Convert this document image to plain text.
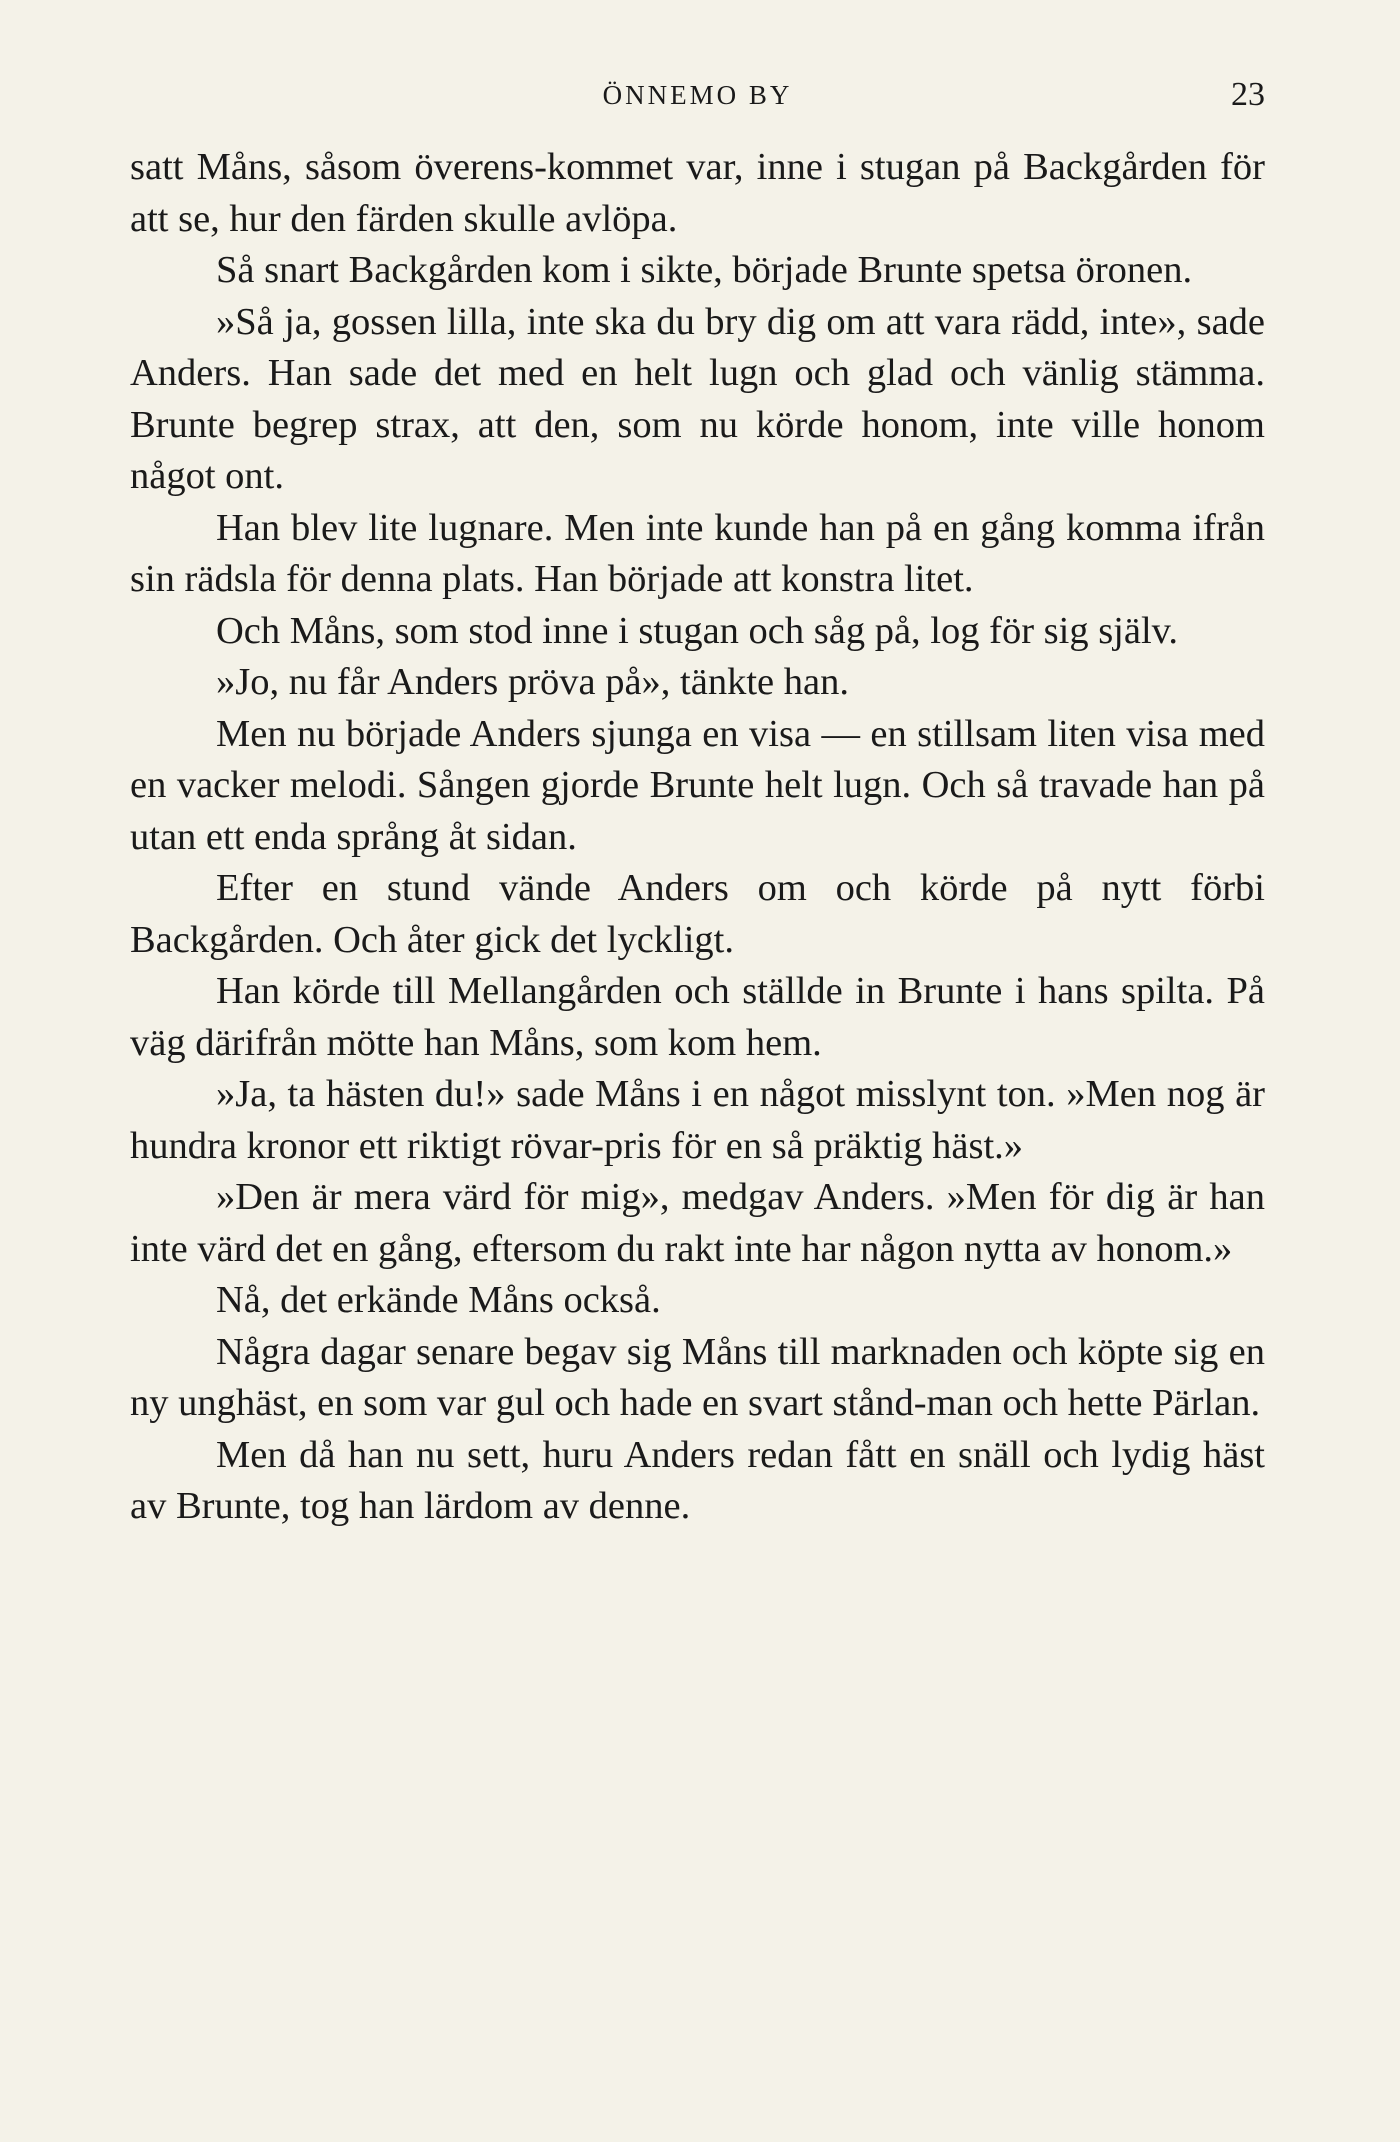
ÖNNEMO BY	23

satt Måns, såsom överens-kommet var, inne i stugan på Backgården för att se, hur den färden skulle avlöpa.

Så snart Backgården kom i sikte, började Brunte spetsa öronen.

»Så ja, gossen lilla, inte ska du bry dig om att vara rädd, inte», sade Anders. Han sade det med en helt lugn och glad och vänlig stämma. Brunte begrep strax, att den, som nu körde honom, inte ville honom något ont.

Han blev lite lugnare. Men inte kunde han på en gång komma ifrån sin rädsla för denna plats. Han började att konstra litet.

Och Måns, som stod inne i stugan och såg på, log för sig själv.

»Jo, nu får Anders pröva på», tänkte han.

Men nu började Anders sjunga en visa — en stillsam liten visa med en vacker melodi. Sången gjorde Brunte helt lugn. Och så travade han på utan ett enda språng åt sidan.

Efter en stund vände Anders om och körde på nytt förbi Backgården. Och åter gick det lyckligt.

Han körde till Mellangården och ställde in Brunte i hans spilta. På väg därifrån mötte han Måns, som kom hem.

»Ja, ta hästen du!» sade Måns i en något misslynt ton. »Men nog är hundra kronor ett riktigt rövar-pris för en så präktig häst.»

»Den är mera värd för mig», medgav Anders. »Men för dig är han inte värd det en gång, eftersom du rakt inte har någon nytta av honom.»

Nå, det erkände Måns också.

Några dagar senare begav sig Måns till marknaden och köpte sig en ny unghäst, en som var gul och hade en svart stånd-man och hette Pärlan.

Men då han nu sett, huru Anders redan fått en snäll och lydig häst av Brunte, tog han lärdom av denne.
